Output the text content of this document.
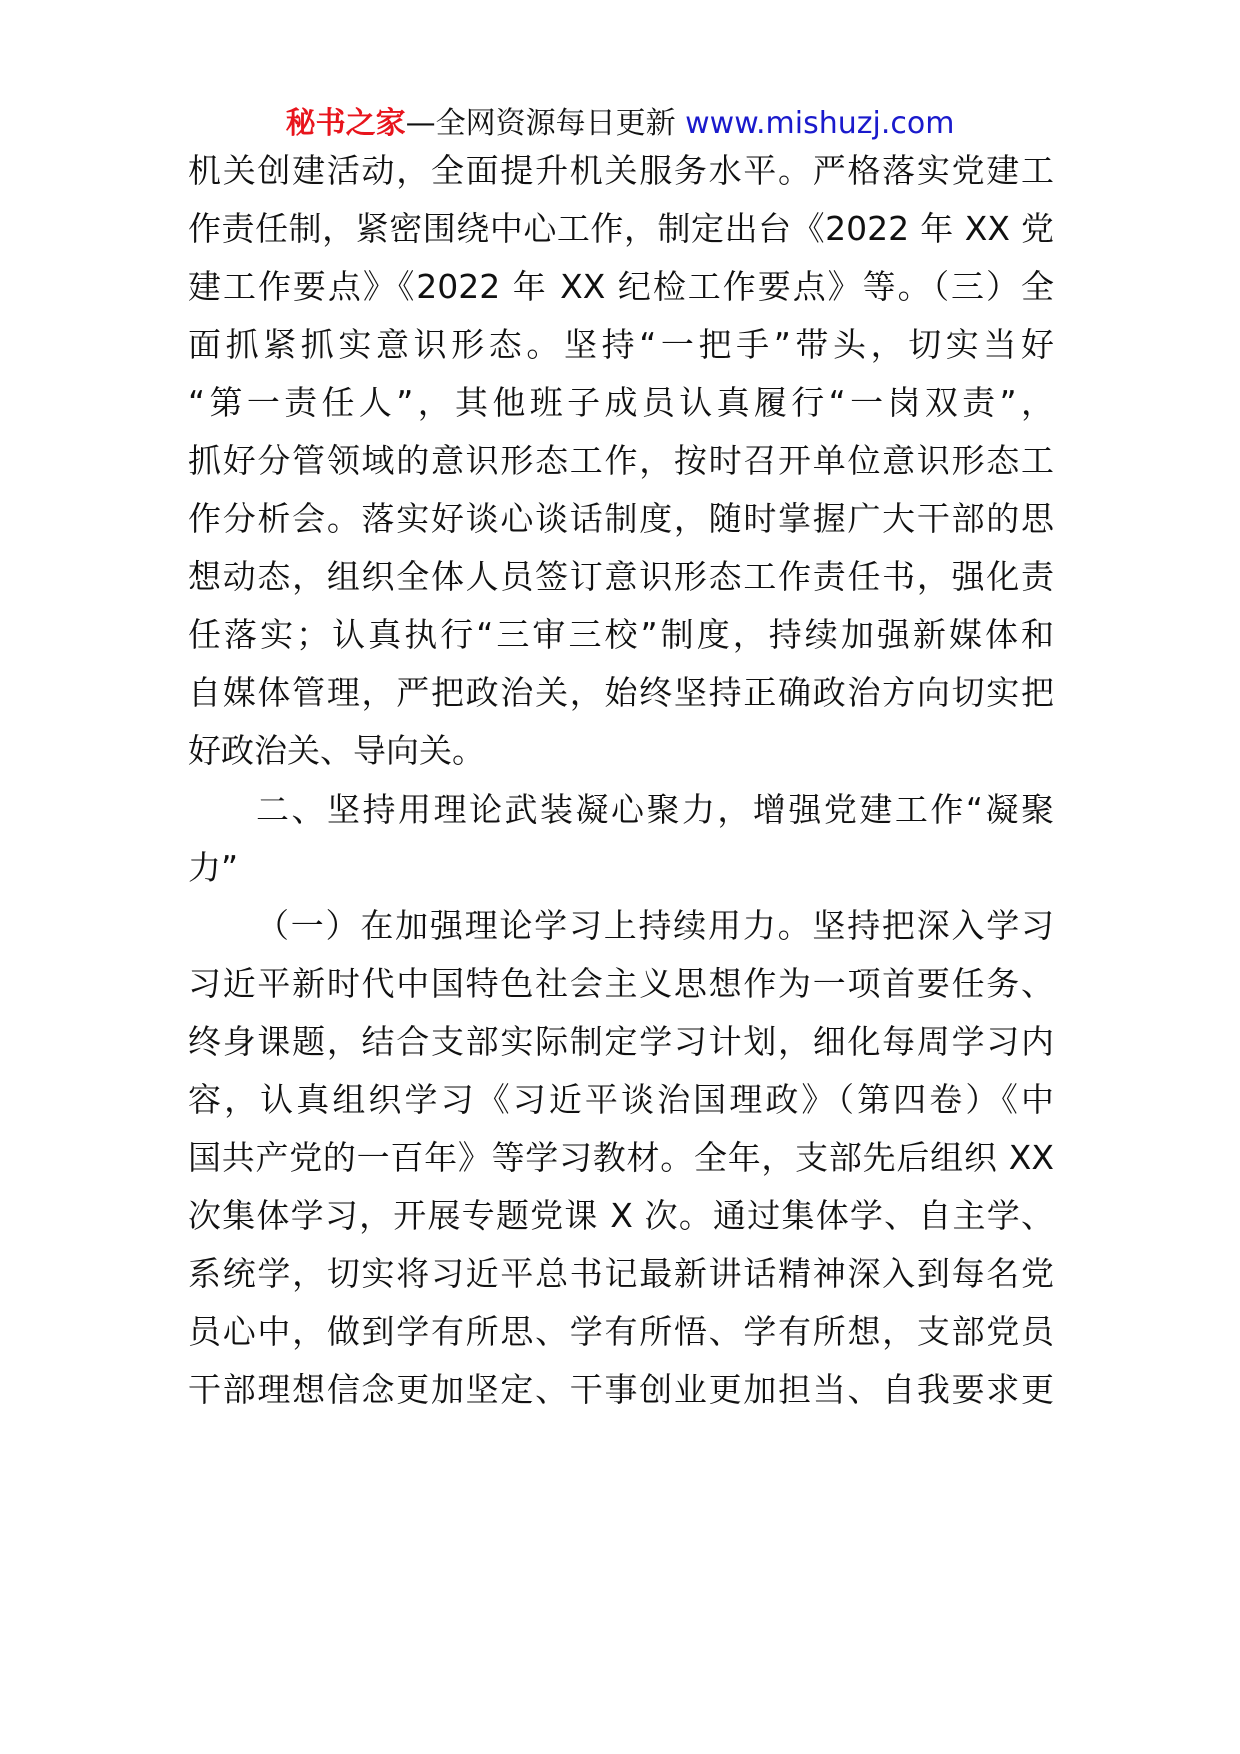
秘书之家—全网资源每日更新 www.mishuzj.com
机关创建活动，全面提升机关服务水平。严格落实党建工
作责任制，紧密围绕中心工作，制定出台《2022 年 XX 党
建工作要点》《2022 年 XX 纪检工作要点》等。（三）全
面抓紧抓实意识形态。坚持“一把手”带头，切实当好
“第一责任人”，其他班子成员认真履行“一岗双责”，
抓好分管领域的意识形态工作，按时召开单位意识形态工
作分析会。落实好谈心谈话制度，随时掌握广大干部的思
想动态，组织全体人员签订意识形态工作责任书，强化责
任落实；认真执行“三审三校”制度，持续加强新媒体和
自媒体管理，严把政治关，始终坚持正确政治方向切实把
好政治关、导向关。
二、坚持用理论武装凝心聚力，增强党建工作“凝聚
力”
（一）在加强理论学习上持续用力。坚持把深入学习
习近平新时代中国特色社会主义思想作为一项首要任务、
终身课题，结合支部实际制定学习计划，细化每周学习内
容，认真组织学习《习近平谈治国理政》（第四卷）《中
国共产党的一百年》等学习教材。全年，支部先后组织 XX
次集体学习，开展专题党课 X 次。通过集体学、自主学、
系统学，切实将习近平总书记最新讲话精神深入到每名党
员心中，做到学有所思、学有所悟、学有所想，支部党员
干部理想信念更加坚定、干事创业更加担当、自我要求更
